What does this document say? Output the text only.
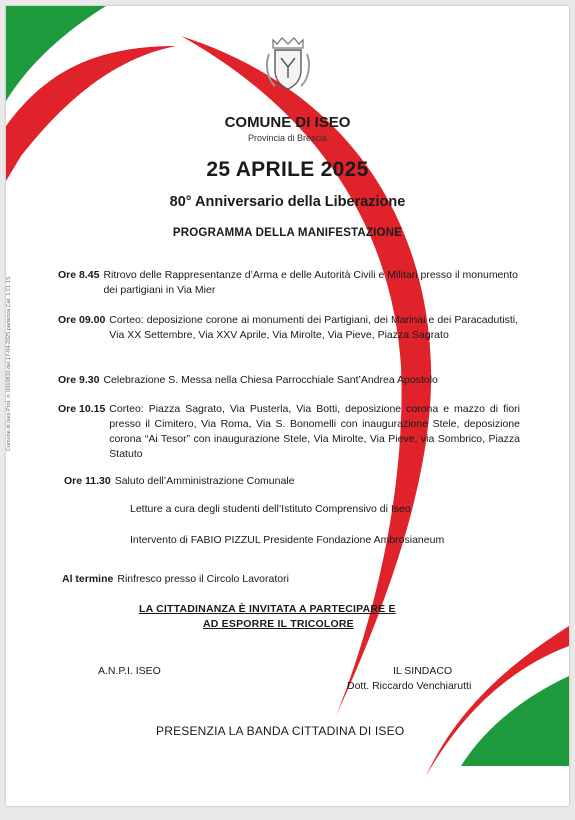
COMUNE DI ISEO
Provincia di Brescia
25 APRILE 2025
80° Anniversario della Liberazione
PROGRAMMA DELLA MANIFESTAZIONE
Ore 8.45 Ritrovo delle Rappresentanze d’Arma e delle Autorità Civili e Militari presso il monumento dei partigiani in Via Mier
Ore 09.00 Corteo: deposizione corone ai monumenti dei Partigiani, dei Marinai e dei Paracadutisti, Via XX Settembre, Via XXV Aprile, Via Mirolte, Via Pieve, Piazza Sagrato
Ore 9.30 Celebrazione S. Messa nella Chiesa Parrocchiale Sant’Andrea Apostolo
Ore 10.15 Corteo: Piazza Sagrato, Via Pusterla, Via Botti, deposizione corona e mazzo di fiori presso il Cimitero, Via Roma, Via S. Bonomelli con inaugurazione Stele, deposizione corona “Ai Tesor” con inaugurazione Stele, Via Mirolte, Via Pieve, via Sombrico, Piazza Statuto
Ore 11.30 Saluto dell’Amministrazione Comunale
Letture a cura degli studenti dell’Istituto Comprensivo di Iseo
Intervento di FABIO PIZZUL Presidente Fondazione Ambrosianeum
Al termine Rinfresco presso il Circolo Lavoratori
LA CITTADINANZA È INVITATA A PARTECIPARE E
AD ESPORRE IL TRICOLORE
A.N.P.I. ISEO	IL SINDACO
Dott. Riccardo Venchiarutti
PRESENZIA LA BANDA CITTADINA DI ISEO
Comune di Iseo Prot. n. 0010810 del 17-04-2025 partenza Cat. 1 Cl. 15
